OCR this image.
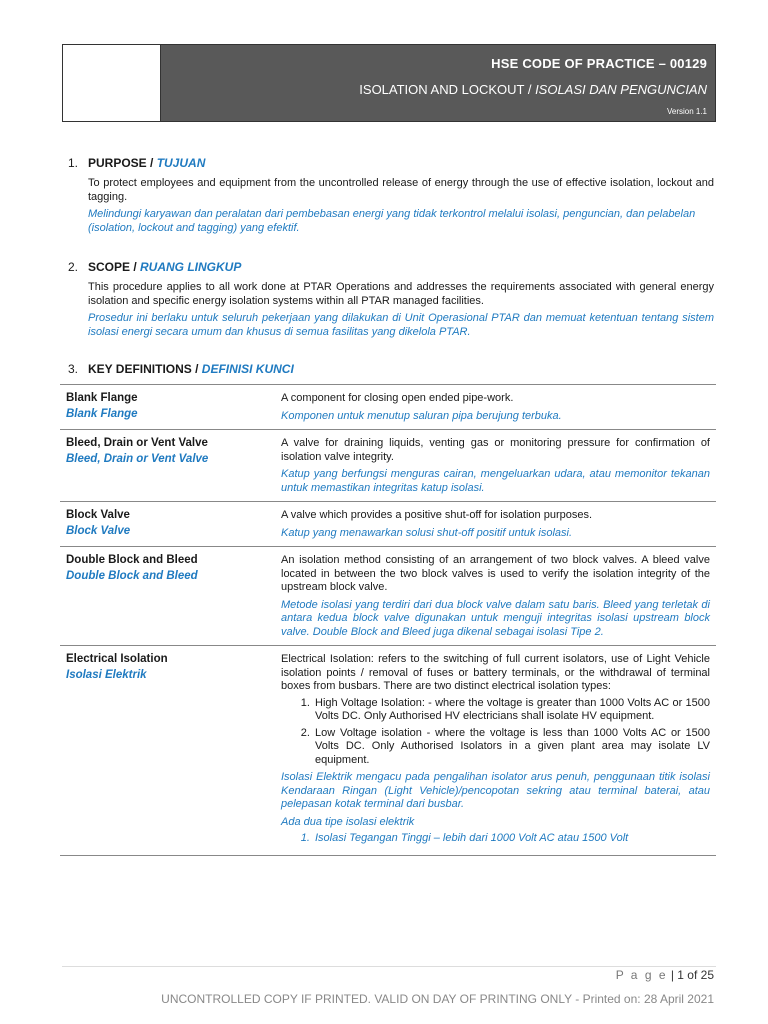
HSE CODE OF PRACTICE – 00129
ISOLATION AND LOCKOUT / ISOLASI DAN PENGUNCIAN
Version 1.1
1. PURPOSE / TUJUAN
To protect employees and equipment from the uncontrolled release of energy through the use of effective isolation, lockout and tagging.
Melindungi karyawan dan peralatan dari pembebasan energi yang tidak terkontrol melalui isolasi, penguncian, dan pelabelan (isolation, lockout and tagging) yang efektif.
2. SCOPE / RUANG LINGKUP
This procedure applies to all work done at PTAR Operations and addresses the requirements associated with general energy isolation and specific energy isolation systems within all PTAR managed facilities.
Prosedur ini berlaku untuk seluruh pekerjaan yang dilakukan di Unit Operasional PTAR dan memuat ketentuan tentang sistem isolasi energi secara umum dan khusus di semua fasilitas yang dikelola PTAR.
3. KEY DEFINITIONS / DEFINISI KUNCI
Blank Flange
Blank Flange
A component for closing open ended pipe-work.
Komponen untuk menutup saluran pipa berujung terbuka.
Bleed, Drain or Vent Valve
Bleed, Drain or Vent Valve
A valve for draining liquids, venting gas or monitoring pressure for confirmation of isolation valve integrity.
Katup yang berfungsi menguras cairan, mengeluarkan udara, atau memonitor tekanan untuk memastikan integritas katup isolasi.
Block Valve
Block Valve
A valve which provides a positive shut-off for isolation purposes.
Katup yang menawarkan solusi shut-off positif untuk isolasi.
Double Block and Bleed
Double Block and Bleed
An isolation method consisting of an arrangement of two block valves. A bleed valve located in between the two block valves is used to verify the isolation integrity of the upstream block valve.
Metode isolasi yang terdiri dari dua block valve dalam satu baris. Bleed yang terletak di antara kedua block valve digunakan untuk menguji integritas isolasi upstream block valve. Double Block and Bleed juga dikenal sebagai isolasi Tipe 2.
Electrical Isolation
Isolasi Elektrik
Electrical Isolation: refers to the switching of full current isolators, use of Light Vehicle isolation points / removal of fuses or battery terminals, or the withdrawal of terminal boxes from busbars. There are two distinct electrical isolation types:
1. High Voltage Isolation: - where the voltage is greater than 1000 Volts AC or 1500 Volts DC. Only Authorised HV electricians shall isolate HV equipment.
2. Low Voltage isolation - where the voltage is less than 1000 Volts AC or 1500 Volts DC. Only Authorised Isolators in a given plant area may isolate LV equipment.
Isolasi Elektrik mengacu pada pengalihan isolator arus penuh, penggunaan titik isolasi Kendaraan Ringan (Light Vehicle)/pencopotan sekring atau terminal baterai, atau pelepasan kotak terminal dari busbar.
Ada dua tipe isolasi elektrik
1. Isolasi Tegangan Tinggi – lebih dari 1000 Volt AC atau 1500 Volt
P a g e | 1 of 25
UNCONTROLLED COPY IF PRINTED. VALID ON DAY OF PRINTING ONLY - Printed on: 28 April 2021
